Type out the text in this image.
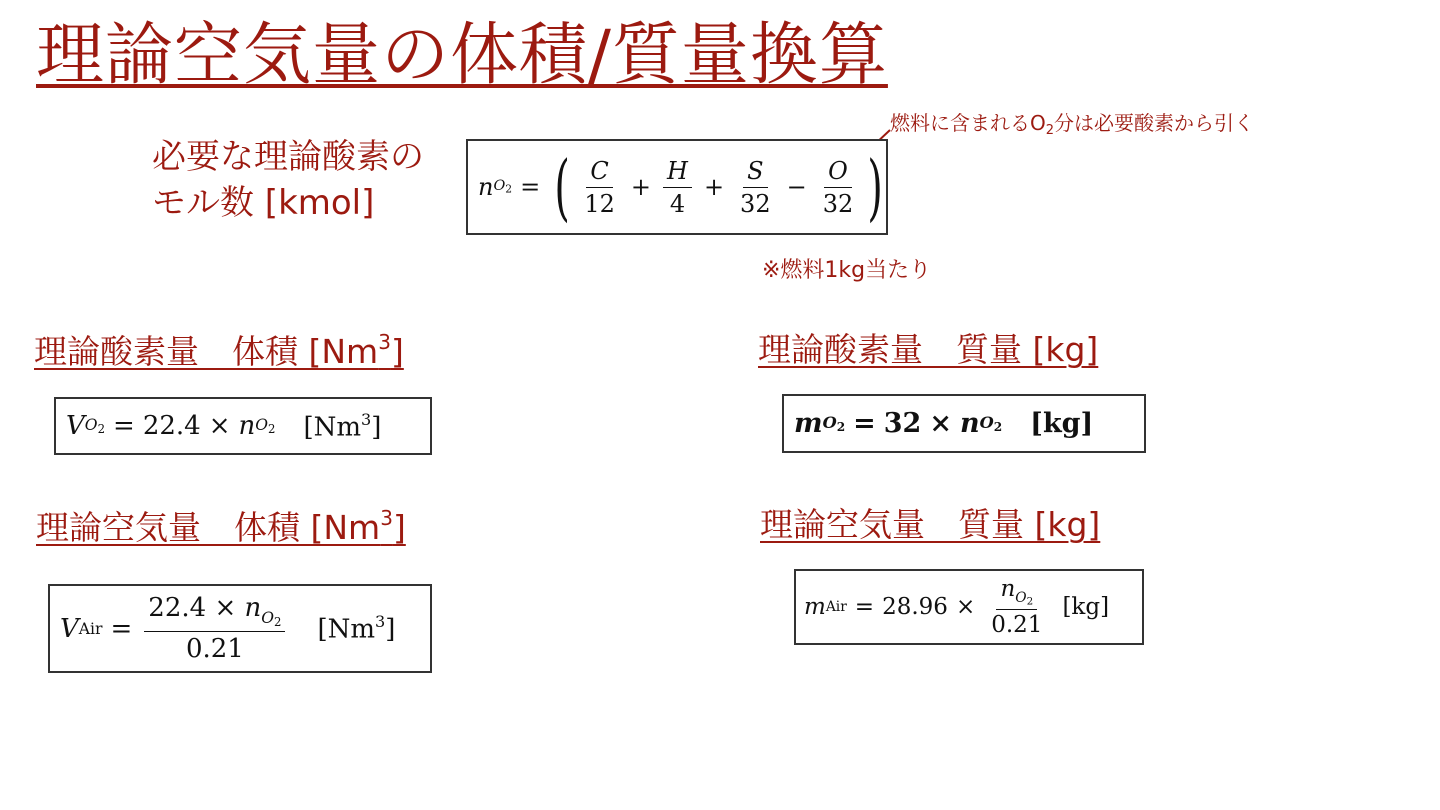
理論空気量の体積/質量換算
必要な理論酸素の
モル数 [kmol]
燃料に含まれる$O_2$分は必要酸素から引く
n O2 = ( $\frac{C}{12} + \frac{H}{4} + \frac{S}{32} - \frac{O}{32}$ )
※燃料1kg当たり
理論酸素量　体積 [Nm$^3$]	理論酸素量　質量 [kg]
理論空気量　体積 [Nm$^3$]	理論空気量　質量 [kg]
V O2 = 22.4 × n O2 [Nm$^3$]	m O2 = 32 × n O2 [kg]
V Air = $\frac{22.4 \times n_{O2}}{0.21} [Nm^3]$
m Air = $28.96 \times \frac{n_{O2}}{0.21} [kg]$
